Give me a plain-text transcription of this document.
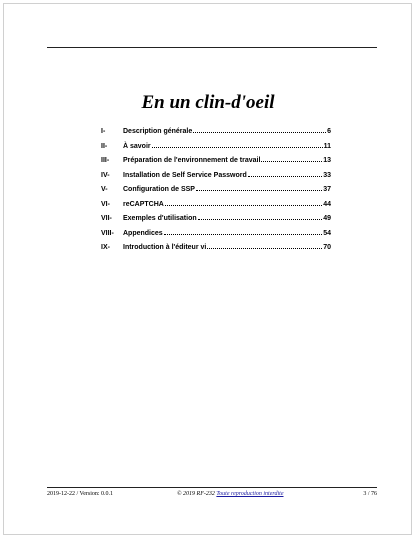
En un clin-d'oeil
I-	Description générale	6
II-	À savoir	11
III-	Préparation de l'environnement de travail	13
IV-	Installation de Self Service Password	33
V-	Configuration de SSP	37
VI-	reCAPTCHA	44
VII-	Exemples d'utilisation	49
VIII-	Appendices	54
IX-	Introduction à l'éditeur vi	70
2019-12-22 / Version: 0.0.1	© 2019 RF-232 Toute reproduction interdite	3 / 76
